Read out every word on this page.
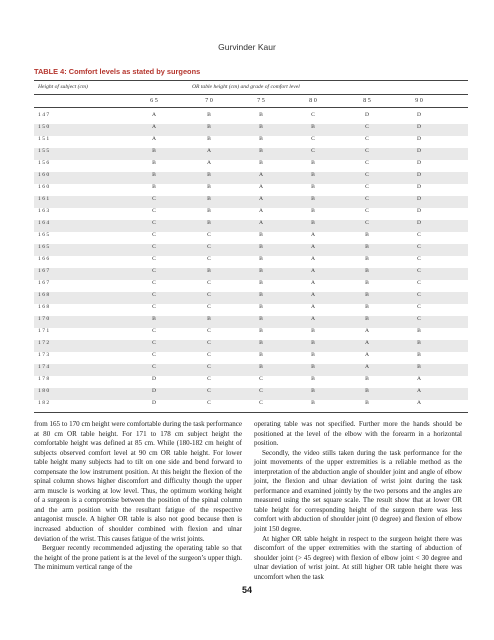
Gurvinder Kaur
TABLE 4: Comfort levels as stated by surgeons
Height of subject (cm)	OR table height (cm) and grade of comfort level
6 5	7 0	7 5	8 0	8 5	9 0
1 4 7	A	B	B	C	D	D
1 5 0	A	B	B	B	C	D
1 5 1	A	B	B	C	C	D
1 5 5	B	A	B	C	C	D
1 5 6	B	A	B	B	C	D
1 6 0	B	B	A	B	C	D
1 6 0	B	B	A	B	C	D
1 6 1	C	B	A	B	C	D
1 6 3	C	B	A	B	C	D
1 6 4	C	B	A	B	C	D
1 6 5	C	C	B	A	B	C
1 6 5	C	C	B	A	B	C
1 6 6	C	C	B	A	B	C
1 6 7	C	B	B	A	B	C
1 6 7	C	C	B	A	B	C
1 6 8	C	C	B	A	B	C
1 6 8	C	C	B	A	B	C
1 7 0	B	B	B	A	B	C
1 7 1	C	C	B	B	A	B
1 7 2	C	C	B	B	A	B
1 7 3	C	C	B	B	A	B
1 7 4	C	C	B	B	A	B
1 7 8	D	C	C	B	B	A
1 8 0	D	C	C	B	B	A
1 8 2	D	C	C	B	B	A

from 165 to 170 cm height were comfortable during the task performance at 80 cm OR table height. For 171 to 178 cm subject height the comfortable height was defined at 85 cm. While (180-182 cm height of subjects observed comfort level at 90 cm OR table height. For lower table height many subjects had to tilt on one side and bend forward to compensate the low instrument position. At this height the flexion of the spinal column shows higher discomfort and difficulty though the upper arm muscle is working at low level. Thus, the optimum working height of a surgeon is a compromise between the position of the spinal column and the arm position with the resultant fatigue of the respective antagonist muscle. A higher OR table is also not good because then is increased abduction of shoulder combined with flexion and ulnar deviation of the wrist. This causes fatigue of the wrist joints.

Berguer recently recommended adjusting the operating table so that the height of the prone patient is at the level of the surgeon’s upper thigh. The minimum vertical range of the

operating table was not specified. Further more the hands should be positioned at the level of the elbow with the forearm in a horizontal position.

Secondly, the video stills taken during the task performance for the joint movements of the upper extremities is a reliable method as the interpretation of the abduction angle of shoulder joint and angle of elbow joint, the flexion and ulnar deviation of wrist joint during the task performance and examined jointly by the two persons and the angles are measured using the set square scale. The result show that at lower OR table height for corresponding height of the surgeon there was less comfort with abduction of shoulder joint (0 degree) and flexion of elbow joint 150 degree.

At higher OR table height in respect to the surgeon height there was discomfort of the upper extremities with the starting of abduction of shoulder joint (> 45 degree) with flexion of elbow joint < 30 degree and ulnar deviation of wrist joint. At still higher OR table height there was uncomfort when the task

54
